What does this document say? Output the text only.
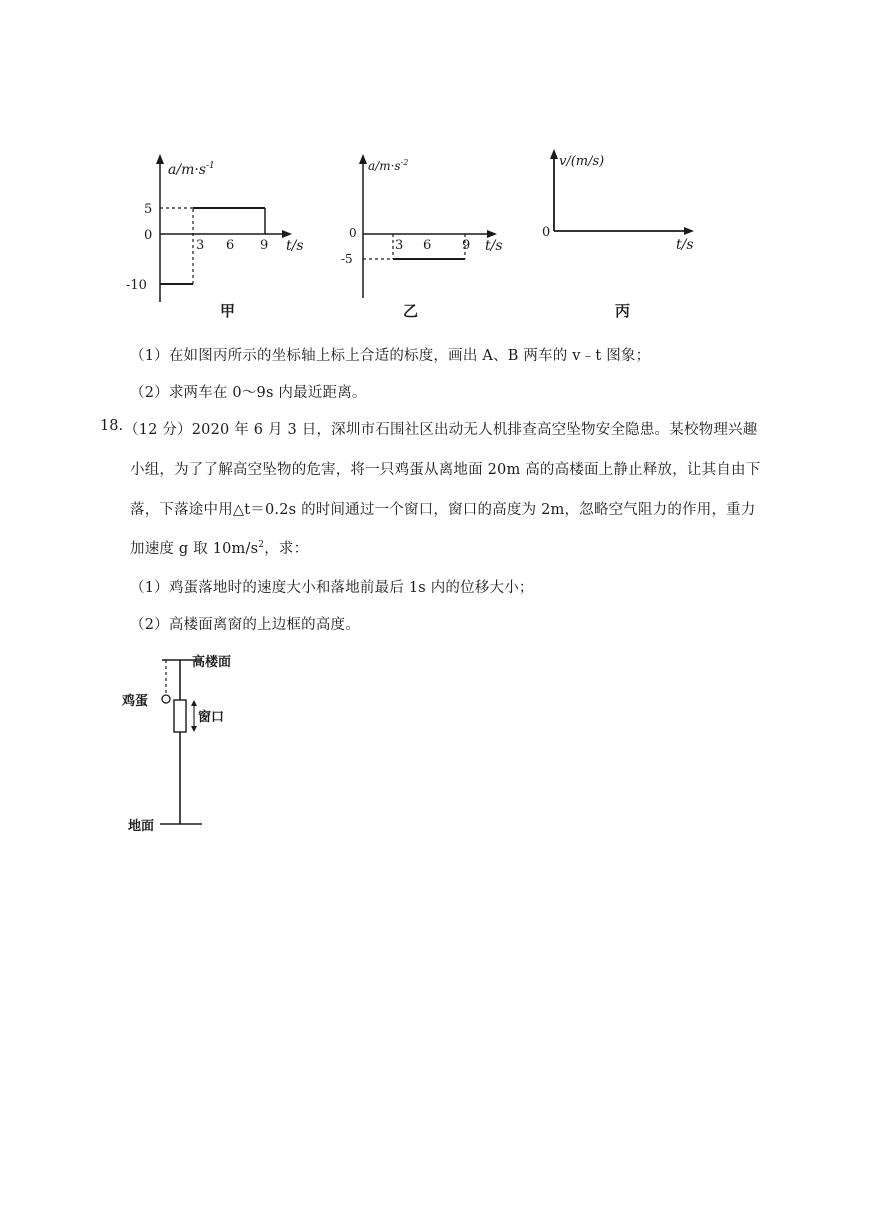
$a/m\cdot s^{-1}$
5
0
-10
3 6 9 t/s
甲
$a/m\cdot s^{-2}$
0
-5
3 6 9 t/s
乙
v/(m/s)
0
t/s
丙
（1）在如图丙所示的坐标轴上标上合适的标度，画出 A、B 两车的 v﹣t 图象；
（2）求两车在 0～9s 内最近距离。
18. （12 分）2020 年 6 月 3 日，深圳市石围社区出动无人机排查高空坠物安全隐患。某校物理兴趣
小组，为了了解高空坠物的危害，将一只鸡蛋从离地面 20m 高的高楼面上静止释放，让其自由下
落，下落途中用△t＝0.2s 的时间通过一个窗口，窗口的高度为 2m，忽略空气阻力的作用，重力
加速度 g 取 $10m/s^2$，求：
（1）鸡蛋落地时的速度大小和落地前最后 1s 内的位移大小；
（2）高楼面离窗的上边框的高度。
高楼面
鸡蛋
窗口
地面
